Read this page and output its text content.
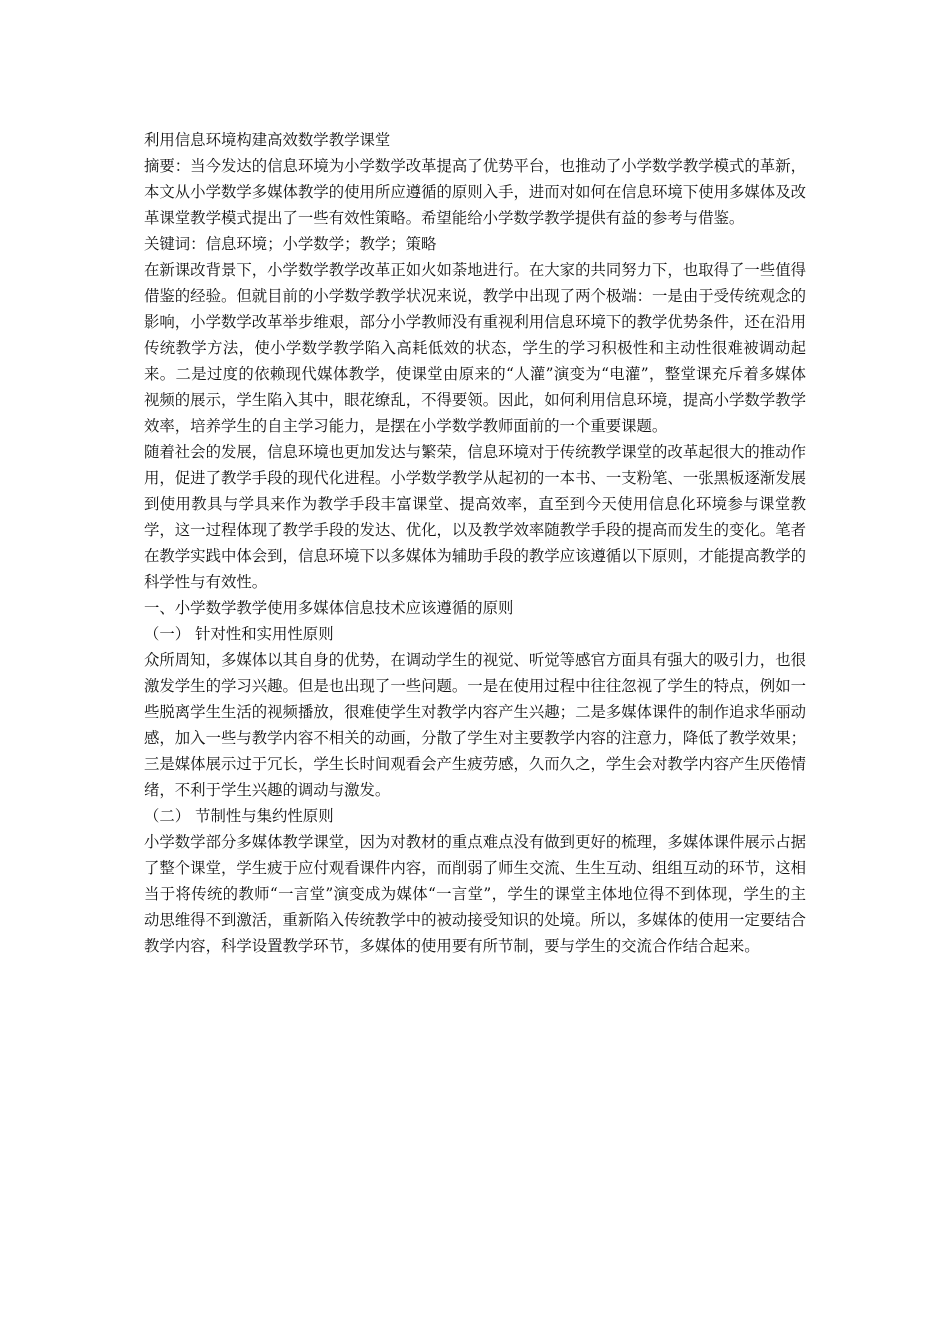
利用信息环境构建高效数学教学课堂

摘要：当今发达的信息环境为小学数学改革提高了优势平台，也推动了小学数学教学模式的革新，本文从小学数学多媒体教学的使用所应遵循的原则入手，进而对如何在信息环境下使用多媒体及改革课堂教学模式提出了一些有效性策略。希望能给小学数学教学提供有益的参考与借鉴。

关键词：信息环境；小学数学；教学；策略

在新课改背景下，小学数学教学改革正如火如荼地进行。在大家的共同努力下，也取得了一些值得借鉴的经验。但就目前的小学数学教学状况来说，教学中出现了两个极端：一是由于受传统观念的影响，小学数学改革举步维艰，部分小学教师没有重视利用信息环境下的教学优势条件，还在沿用传统教学方法，使小学数学教学陷入高耗低效的状态，学生的学习积极性和主动性很难被调动起来。二是过度的依赖现代媒体教学，使课堂由原来的“人灌”演变为“电灌”，整堂课充斥着多媒体视频的展示，学生陷入其中，眼花缭乱，不得要领。因此，如何利用信息环境，提高小学数学教学效率，培养学生的自主学习能力，是摆在小学数学教师面前的一个重要课题。

随着社会的发展，信息环境也更加发达与繁荣，信息环境对于传统教学课堂的改革起很大的推动作用，促进了教学手段的现代化进程。小学数学教学从起初的一本书、一支粉笔、一张黑板逐渐发展到使用教具与学具来作为教学手段丰富课堂、提高效率，直至到今天使用信息化环境参与课堂教学，这一过程体现了教学手段的发达、优化，以及教学效率随教学手段的提高而发生的变化。笔者在教学实践中体会到，信息环境下以多媒体为辅助手段的教学应该遵循以下原则，才能提高教学的科学性与有效性。

一、小学数学教学使用多媒体信息技术应该遵循的原则

（一） 针对性和实用性原则

众所周知，多媒体以其自身的优势，在调动学生的视觉、听觉等感官方面具有强大的吸引力，也很激发学生的学习兴趣。但是也出现了一些问题。一是在使用过程中往往忽视了学生的特点，例如一些脱离学生生活的视频播放，很难使学生对教学内容产生兴趣；二是多媒体课件的制作追求华丽动感，加入一些与教学内容不相关的动画，分散了学生对主要教学内容的注意力，降低了教学效果；三是媒体展示过于冗长，学生长时间观看会产生疲劳感，久而久之，学生会对教学内容产生厌倦情绪，不利于学生兴趣的调动与激发。

（二） 节制性与集约性原则

小学数学部分多媒体教学课堂，因为对教材的重点难点没有做到更好的梳理，多媒体课件展示占据了整个课堂，学生疲于应付观看课件内容，而削弱了师生交流、生生互动、组组互动的环节，这相当于将传统的教师“一言堂”演变成为媒体“一言堂”，学生的课堂主体地位得不到体现，学生的主动思维得不到激活，重新陷入传统教学中的被动接受知识的处境。所以，多媒体的使用一定要结合教学内容，科学设置教学环节，多媒体的使用要有所节制，要与学生的交流合作结合起来。
